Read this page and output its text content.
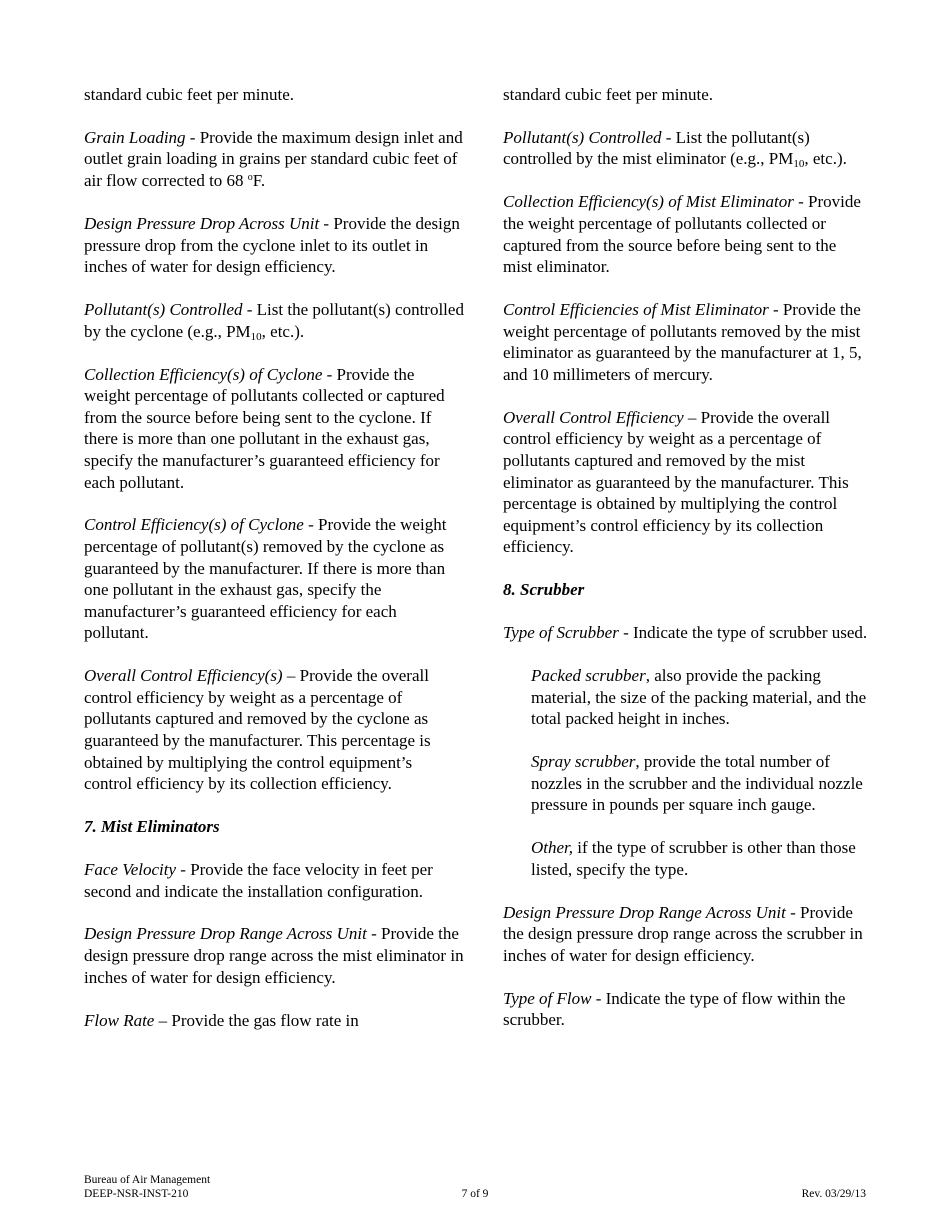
standard cubic feet per minute.

Grain Loading - Provide the maximum design inlet and outlet grain loading in grains per standard cubic feet of air flow corrected to 68 $^o$F.

Design Pressure Drop Across Unit - Provide the design pressure drop from the cyclone inlet to its outlet in inches of water for design efficiency.

Pollutant(s) Controlled - List the pollutant(s) controlled by the cyclone (e.g., $PM_{10}$, etc.).

Collection Efficiency(s) of Cyclone - Provide the weight percentage of pollutants collected or captured from the source before being sent to the cyclone. If there is more than one pollutant in the exhaust gas, specify the manufacturer’s guaranteed efficiency for each pollutant.

Control Efficiency(s) of Cyclone - Provide the weight percentage of pollutant(s) removed by the cyclone as guaranteed by the manufacturer. If there is more than one pollutant in the exhaust gas, specify the manufacturer’s guaranteed efficiency for each pollutant.

Overall Control Efficiency(s) – Provide the overall control efficiency by weight as a percentage of pollutants captured and removed by the cyclone as guaranteed by the manufacturer. This percentage is obtained by multiplying the control equipment’s control efficiency by its collection efficiency.

7. Mist Eliminators

Face Velocity - Provide the face velocity in feet per second and indicate the installation configuration.

Design Pressure Drop Range Across Unit - Provide the design pressure drop range across the mist eliminator in inches of water for design efficiency.

Flow Rate – Provide the gas flow rate in

standard cubic feet per minute.

Pollutant(s) Controlled - List the pollutant(s) controlled by the mist eliminator (e.g., $PM_{10}$, etc.).

Collection Efficiency(s) of Mist Eliminator - Provide the weight percentage of pollutants collected or captured from the source before being sent to the mist eliminator.

Control Efficiencies of Mist Eliminator - Provide the weight percentage of pollutants removed by the mist eliminator as guaranteed by the manufacturer at 1, 5, and 10 millimeters of mercury.

Overall Control Efficiency – Provide the overall control efficiency by weight as a percentage of pollutants captured and removed by the mist eliminator as guaranteed by the manufacturer. This percentage is obtained by multiplying the control equipment’s control efficiency by its collection efficiency.

8. Scrubber

Type of Scrubber - Indicate the type of scrubber used.

Packed scrubber, also provide the packing material, the size of the packing material, and the total packed height in inches.

Spray scrubber, provide the total number of nozzles in the scrubber and the individual nozzle pressure in pounds per square inch gauge.

Other, if the type of scrubber is other than those listed, specify the type.

Design Pressure Drop Range Across Unit - Provide the design pressure drop range across the scrubber in inches of water for design efficiency.

Type of Flow - Indicate the type of flow within the scrubber.

Bureau of Air Management
DEEP-NSR-INST-210	7 of 9	Rev. 03/29/13
